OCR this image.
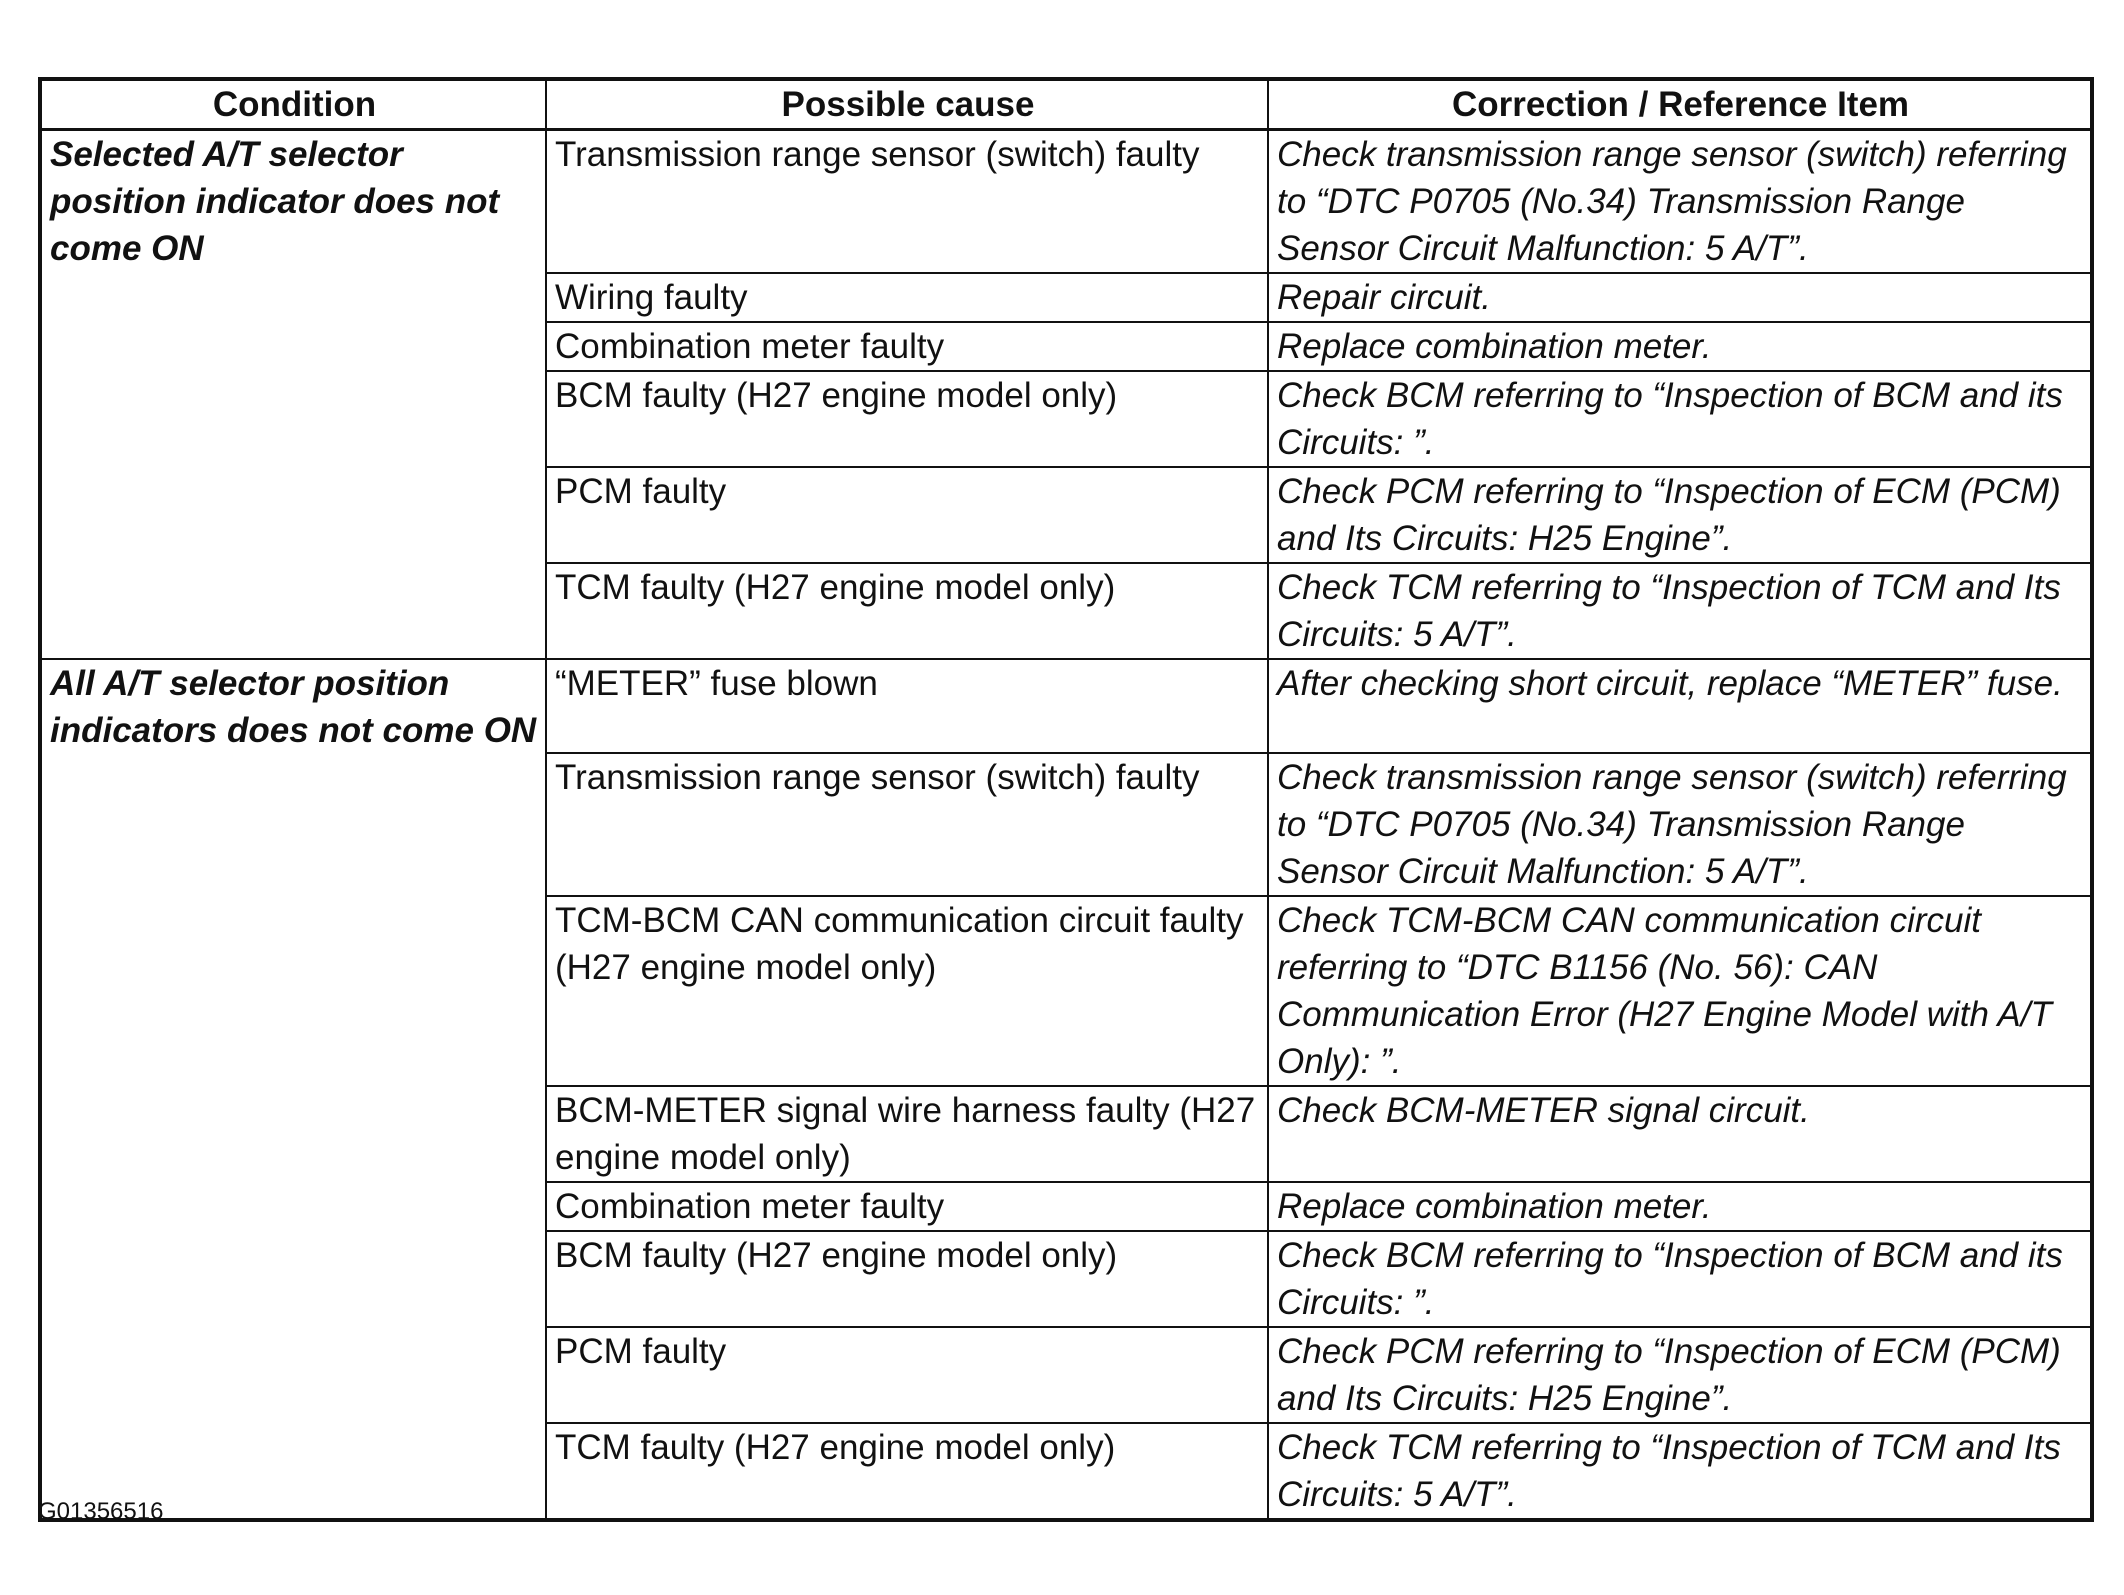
Condition	Possible cause	Correction / Reference Item
Selected A/T selector position indicator does not come ON	Transmission range sensor (switch) faulty	Check transmission range sensor (switch) referring to “DTC P0705 (No.34) Transmission Range Sensor Circuit Malfunction: 5 A/T”.
	Wiring faulty	Repair circuit.
	Combination meter faulty	Replace combination meter.
	BCM faulty (H27 engine model only)	Check BCM referring to “Inspection of BCM and its Circuits: ”.
	PCM faulty	Check PCM referring to “Inspection of ECM (PCM) and Its Circuits: H25 Engine”.
	TCM faulty (H27 engine model only)	Check TCM referring to “Inspection of TCM and Its Circuits: 5 A/T”.
All A/T selector position indicators does not come ON	“METER” fuse blown	After checking short circuit, replace “METER” fuse.
	Transmission range sensor (switch) faulty	Check transmission range sensor (switch) referring to “DTC P0705 (No.34) Transmission Range Sensor Circuit Malfunction: 5 A/T”.
	TCM-BCM CAN communication circuit faulty (H27 engine model only)	Check TCM-BCM CAN communication circuit referring to “DTC B1156 (No. 56): CAN Communication Error (H27 Engine Model with A/T Only): ”.
	BCM-METER signal wire harness faulty (H27 engine model only)	Check BCM-METER signal circuit.
	Combination meter faulty	Replace combination meter.
	BCM faulty (H27 engine model only)	Check BCM referring to “Inspection of BCM and its Circuits: ”.
	PCM faulty	Check PCM referring to “Inspection of ECM (PCM) and Its Circuits: H25 Engine”.
	TCM faulty (H27 engine model only)	Check TCM referring to “Inspection of TCM and Its Circuits: 5 A/T”.
G01356516
